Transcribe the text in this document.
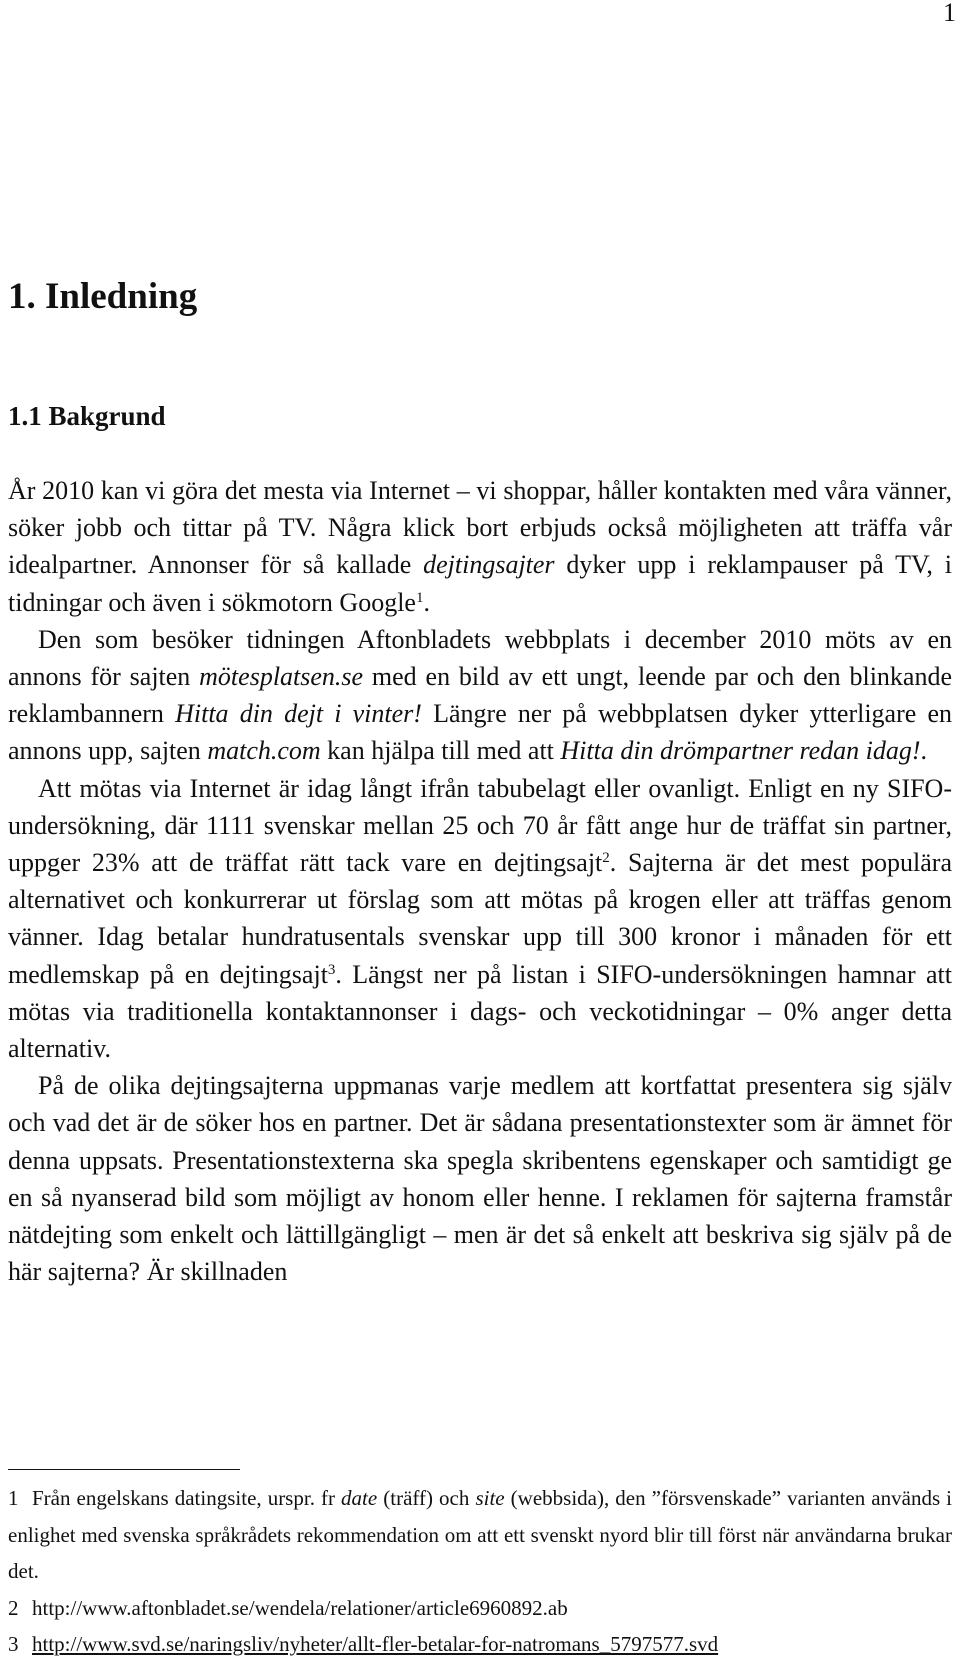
1
1. Inledning
1.1 Bakgrund

År 2010 kan vi göra det mesta via Internet – vi shoppar, håller kontakten med våra vänner, söker jobb och tittar på TV. Några klick bort erbjuds också möjligheten att träffa vår idealpartner. Annonser för så kallade dejtingsajter dyker upp i reklampauser på TV, i tidningar och även i sökmotorn Google$^1$.

Den som besöker tidningen Aftonbladets webbplats i december 2010 möts av en annons för sajten mötesplatsen.se med en bild av ett ungt, leende par och den blinkande reklambannern Hitta din dejt i vinter! Längre ner på webbplatsen dyker ytterligare en annons upp, sajten match.com kan hjälpa till med att Hitta din drömpartner redan idag!.

Att mötas via Internet är idag långt ifrån tabubelagt eller ovanligt. Enligt en ny SIFO-undersökning, där 1111 svenskar mellan 25 och 70 år fått ange hur de träffat sin partner, uppger 23% att de träffat rätt tack vare en dejtingsajt$^2$. Sajterna är det mest populära alternativet och konkurrerar ut förslag som att mötas på krogen eller att träffas genom vänner. Idag betalar hundratusentals svenskar upp till 300 kronor i månaden för ett medlemskap på en dejtingsajt$^3$. Längst ner på listan i SIFO-undersökningen hamnar att mötas via traditionella kontaktannonser i dags- och veckotidningar – 0% anger detta alternativ.

På de olika dejtingsajterna uppmanas varje medlem att kortfattat presentera sig själv och vad det är de söker hos en partner. Det är sådana presentationstexter som är ämnet för denna uppsats. Presentationstexterna ska spegla skribentens egenskaper och samtidigt ge en så nyanserad bild som möjligt av honom eller henne. I reklamen för sajterna framstår nätdejting som enkelt och lättillgängligt – men är det så enkelt att beskriva sig själv på de här sajterna? Är skillnaden

1 Från engelskans datingsite, urspr. fr date (träff) och site (webbsida), den ”försvenskade” varianten används i enlighet med svenska språkrådets rekommendation om att ett svenskt nyord blir till först när användarna brukar det.

2 http://www.aftonbladet.se/wendela/relationer/article6960892.ab

3 http://www.svd.se/naringsliv/nyheter/allt-fler-betalar-for-natromans_5797577.svd
